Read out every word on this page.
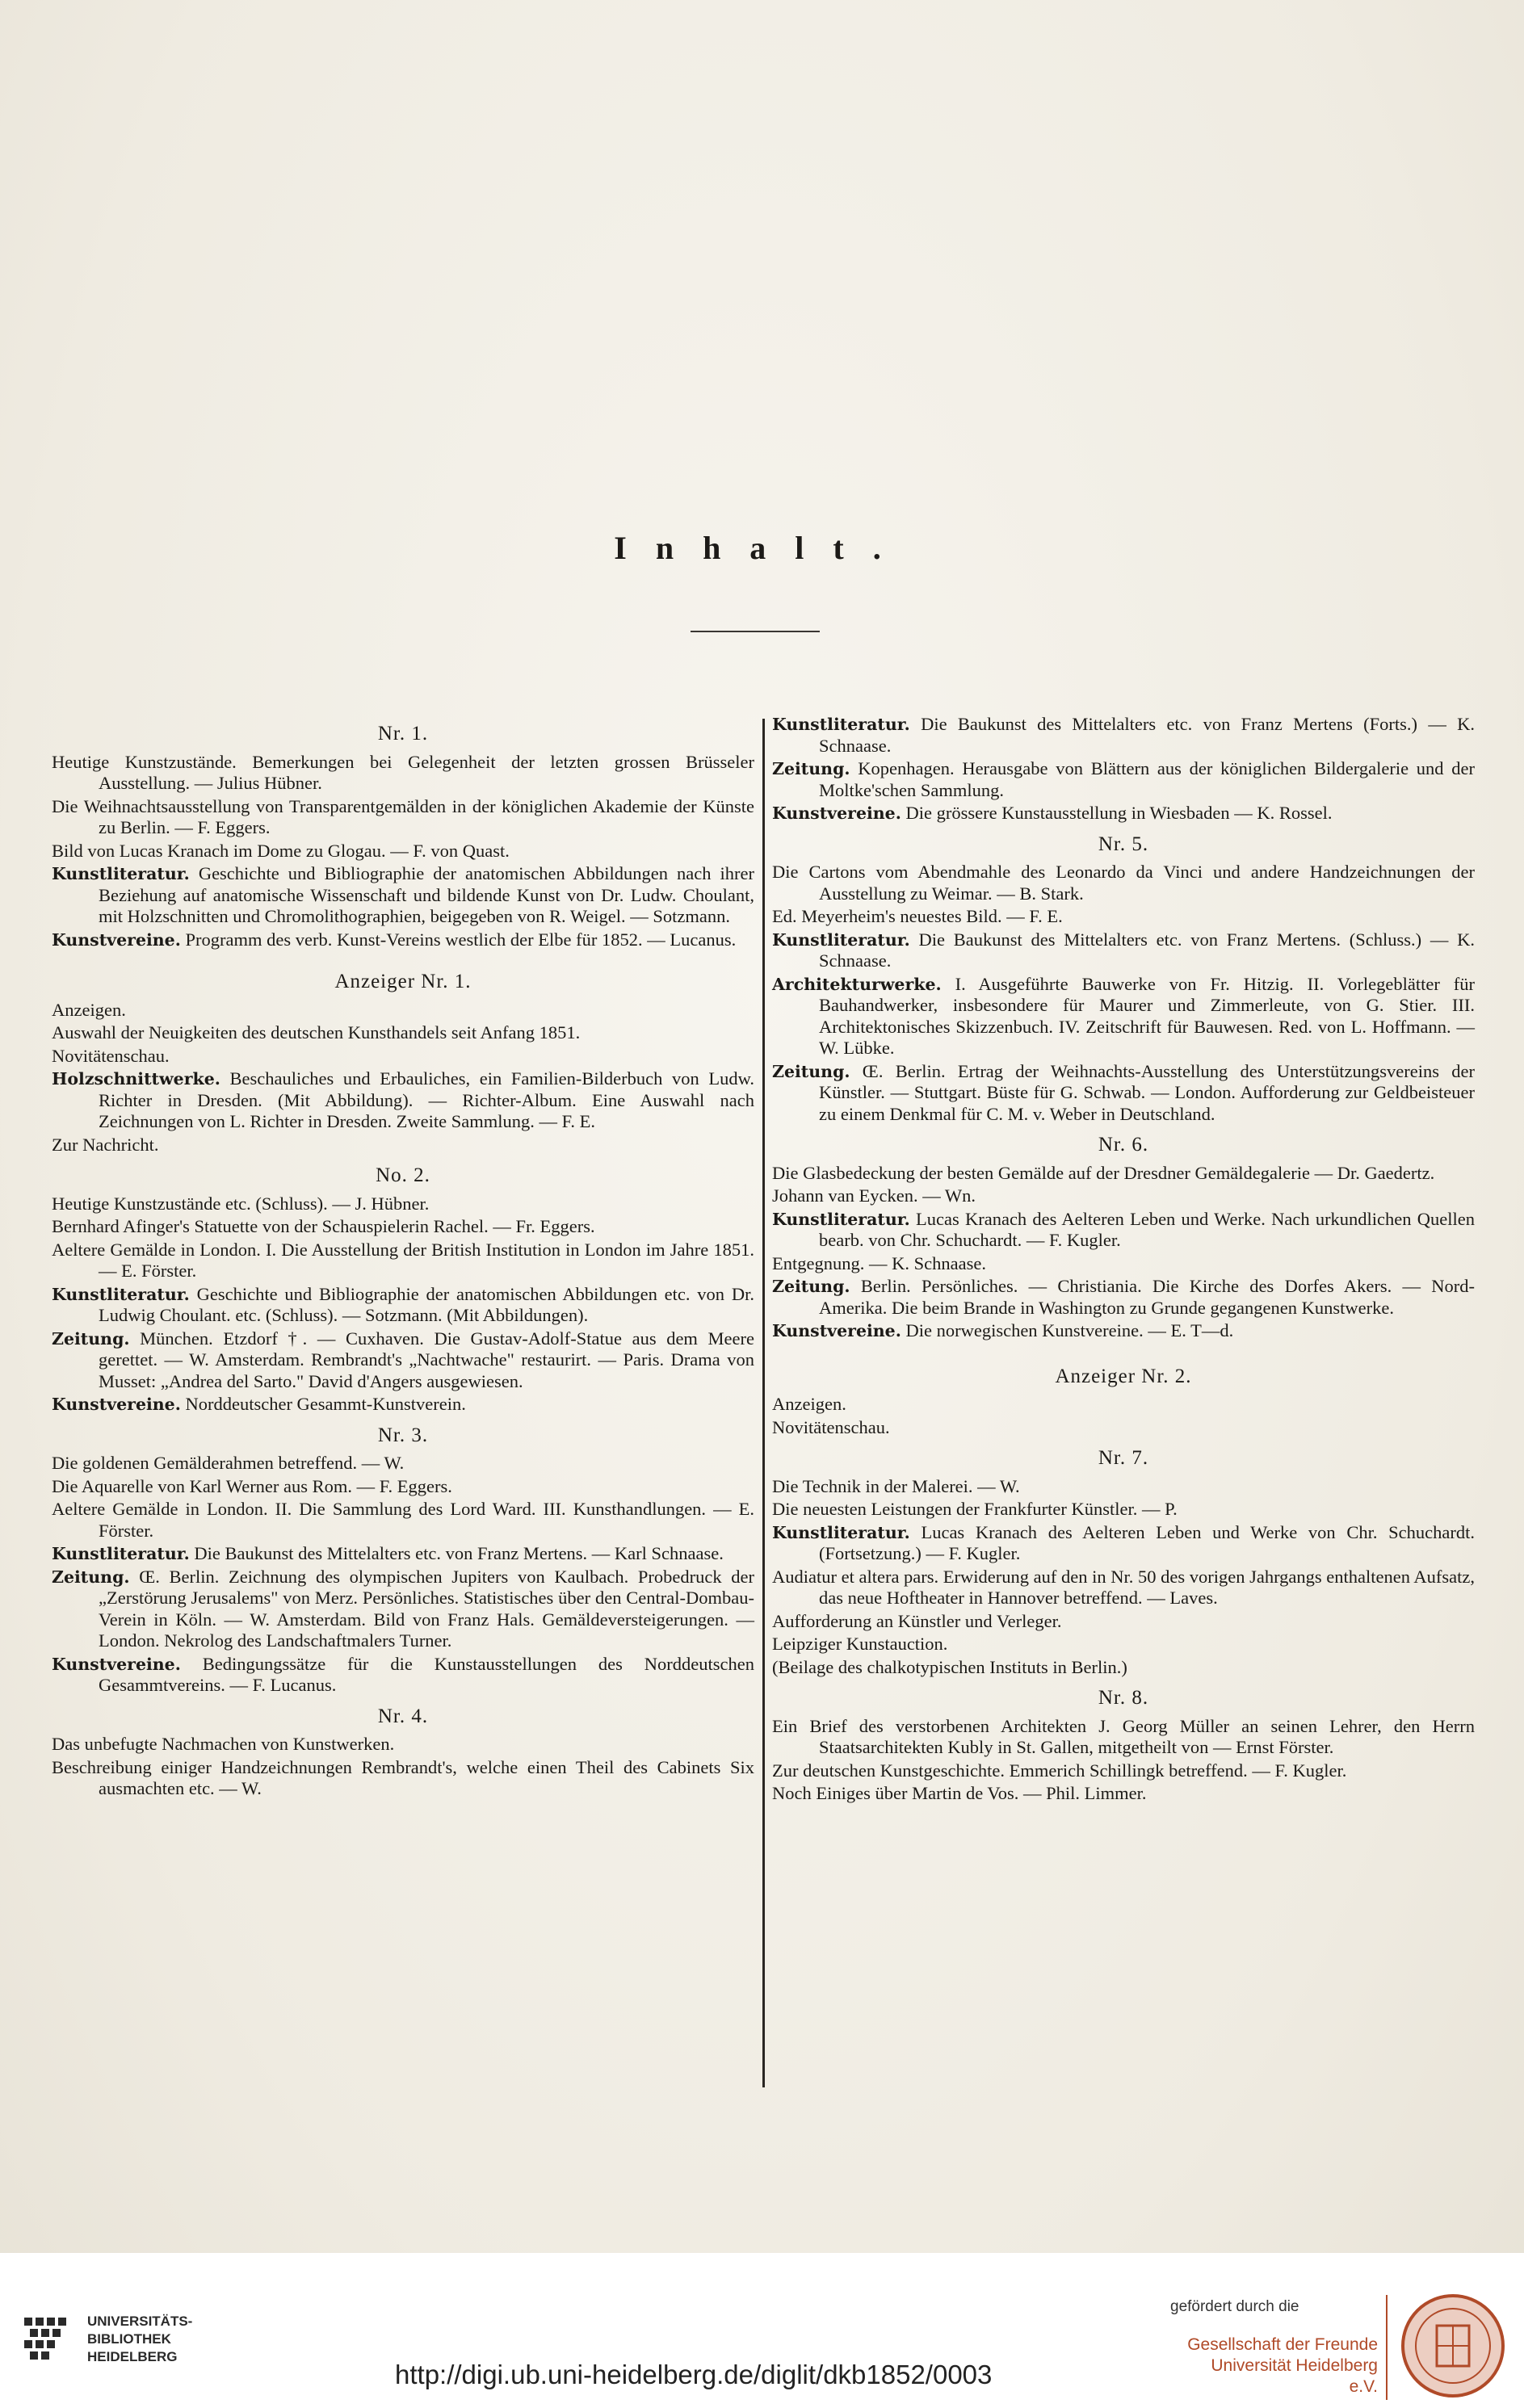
Inhalt.
Nr. 1.
Heutige Kunstzustände. Bemerkungen bei Gelegenheit der letzten grossen Brüsseler Ausstellung. — Julius Hübner.
Die Weihnachtsausstellung von Transparentgemälden in der königlichen Akademie der Künste zu Berlin. — F. Eggers.
Bild von Lucas Kranach im Dome zu Glogau. — F. von Quast.
Kunstliteratur. Geschichte und Bibliographie der anatomischen Abbildungen nach ihrer Beziehung auf anatomische Wissenschaft und bildende Kunst von Dr. Ludw. Choulant, mit Holzschnitten und Chromolithographien, beigegeben von R. Weigel. — Sotzmann.
Kunstvereine. Programm des verb. Kunst-Vereins westlich der Elbe für 1852. — Lucanus.
Anzeiger Nr. 1.
Anzeigen.
Auswahl der Neuigkeiten des deutschen Kunsthandels seit Anfang 1851.
Novitätenschau.
Holzschnittwerke. Beschauliches und Erbauliches, ein Familien-Bilderbuch von Ludw. Richter in Dresden. (Mit Abbildung). — Richter-Album. Eine Auswahl nach Zeichnungen von L. Richter in Dresden. Zweite Sammlung. — F. E.
Zur Nachricht.
No. 2.
Heutige Kunstzustände etc. (Schluss). — J. Hübner.
Bernhard Afinger's Statuette von der Schauspielerin Rachel. — Fr. Eggers.
Aeltere Gemälde in London. I. Die Ausstellung der British Institution in London im Jahre 1851. — E. Förster.
Kunstliteratur. Geschichte und Bibliographie der anatomischen Abbildungen etc. von Dr. Ludwig Choulant. etc. (Schluss). — Sotzmann. (Mit Abbildungen).
Zeitung. München. Etzdorf †. — Cuxhaven. Die Gustav-Adolf-Statue aus dem Meere gerettet. — W. Amsterdam. Rembrandt's „Nachtwache" restaurirt. — Paris. Drama von Musset: „Andrea del Sarto." David d'Angers ausgewiesen.
Kunstvereine. Norddeutscher Gesammt-Kunstverein.
Nr. 3.
Die goldenen Gemälderahmen betreffend. — W.
Die Aquarelle von Karl Werner aus Rom. — F. Eggers.
Aeltere Gemälde in London. II. Die Sammlung des Lord Ward. III. Kunsthandlungen. — E. Förster.
Kunstliteratur. Die Baukunst des Mittelalters etc. von Franz Mertens. — Karl Schnaase.
Zeitung. Œ. Berlin. Zeichnung des olympischen Jupiters von Kaulbach. Probedruck der „Zerstörung Jerusalems" von Merz. Persönliches. Statistisches über den Central-Dombau-Verein in Köln. — W. Amsterdam. Bild von Franz Hals. Gemäldeversteigerungen. — London. Nekrolog des Landschaftmalers Turner.
Kunstvereine. Bedingungssätze für die Kunstausstellungen des Norddeutschen Gesammtvereins. — F. Lucanus.
Nr. 4.
Das unbefugte Nachmachen von Kunstwerken.
Beschreibung einiger Handzeichnungen Rembrandt's, welche einen Theil des Cabinets Six ausmachten etc. — W.
Kunstliteratur. Die Baukunst des Mittelalters etc. von Franz Mertens (Forts.) — K. Schnaase.
Zeitung. Kopenhagen. Herausgabe von Blättern aus der königlichen Bildergalerie und der Moltke'schen Sammlung.
Kunstvereine. Die grössere Kunstausstellung in Wiesbaden — K. Rossel.
Nr. 5.
Die Cartons vom Abendmahle des Leonardo da Vinci und andere Handzeichnungen der Ausstellung zu Weimar. — B. Stark.
Ed. Meyerheim's neuestes Bild. — F. E.
Kunstliteratur. Die Baukunst des Mittelalters etc. von Franz Mertens. (Schluss.) — K. Schnaase.
Architekturwerke. I. Ausgeführte Bauwerke von Fr. Hitzig. II. Vorlegeblätter für Bauhandwerker, insbesondere für Maurer und Zimmerleute, von G. Stier. III. Architektonisches Skizzenbuch. IV. Zeitschrift für Bauwesen. Red. von L. Hoffmann. — W. Lübke.
Zeitung. Œ. Berlin. Ertrag der Weihnachts-Ausstellung des Unterstützungsvereins der Künstler. — Stuttgart. Büste für G. Schwab. — London. Aufforderung zur Geldbeisteuer zu einem Denkmal für C. M. v. Weber in Deutschland.
Nr. 6.
Die Glasbedeckung der besten Gemälde auf der Dresdner Gemäldegalerie — Dr. Gaedertz.
Johann van Eycken. — Wn.
Kunstliteratur. Lucas Kranach des Aelteren Leben und Werke. Nach urkundlichen Quellen bearb. von Chr. Schuchardt. — F. Kugler.
Entgegnung. — K. Schnaase.
Zeitung. Berlin. Persönliches. — Christiania. Die Kirche des Dorfes Akers. — Nord-Amerika. Die beim Brande in Washington zu Grunde gegangenen Kunstwerke.
Kunstvereine. Die norwegischen Kunstvereine. — E. T—d.
Anzeiger Nr. 2.
Anzeigen.
Novitätenschau.
Nr. 7.
Die Technik in der Malerei. — W.
Die neuesten Leistungen der Frankfurter Künstler. — P.
Kunstliteratur. Lucas Kranach des Aelteren Leben und Werke von Chr. Schuchardt. (Fortsetzung.) — F. Kugler.
Audiatur et altera pars. Erwiderung auf den in Nr. 50 des vorigen Jahrgangs enthaltenen Aufsatz, das neue Hoftheater in Hannover betreffend. — Laves.
Aufforderung an Künstler und Verleger.
Leipziger Kunstauction.
(Beilage des chalkotypischen Instituts in Berlin.)
Nr. 8.
Ein Brief des verstorbenen Architekten J. Georg Müller an seinen Lehrer, den Herrn Staatsarchitekten Kubly in St. Gallen, mitgetheilt von — Ernst Förster.
Zur deutschen Kunstgeschichte. Emmerich Schillingk betreffend. — F. Kugler.
Noch Einiges über Martin de Vos. — Phil. Limmer.
UNIVERSITÄTS-
BIBLIOTHEK
HEIDELBERG
http://digi.ub.uni-heidelberg.de/diglit/dkb1852/0003
gefördert durch die
Gesellschaft der Freunde
Universität Heidelberg e.V.
